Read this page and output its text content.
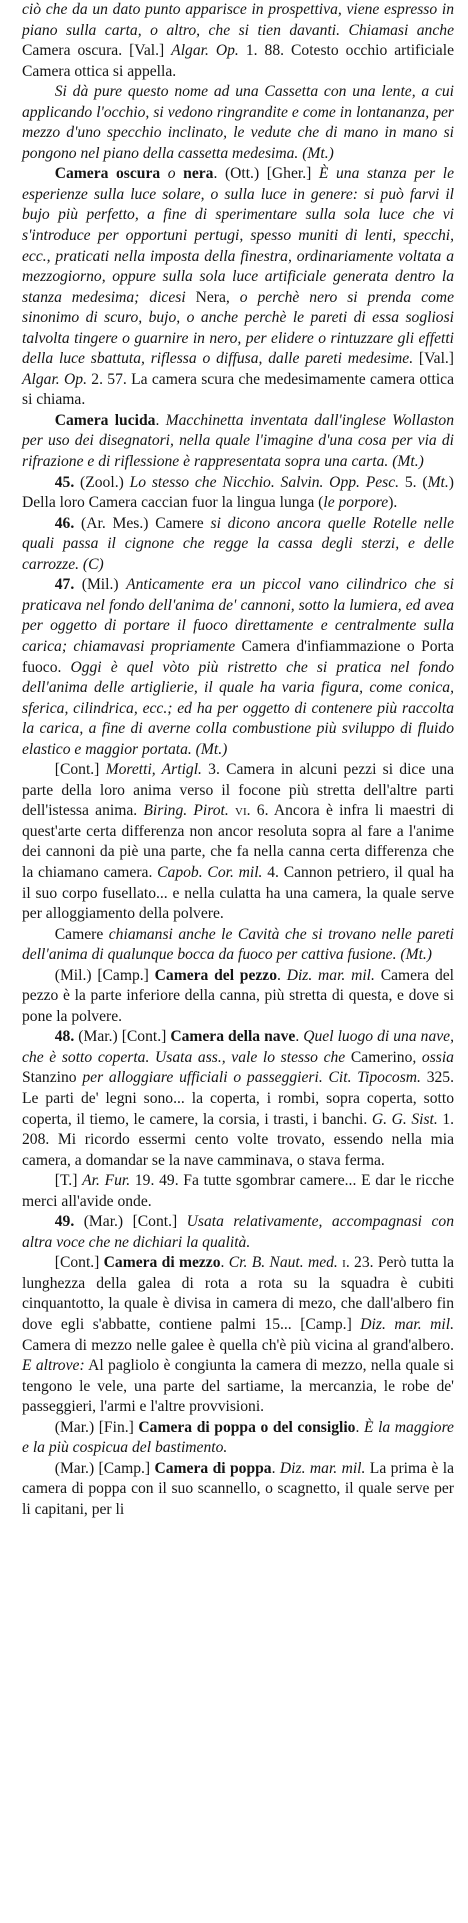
ciò che da un dato punto apparisce in prospettiva, viene espresso in piano sulla carta, o altro, che si tien davanti. Chiamasi anche Camera oscura. [Val.] Algar. Op. 1. 88. Cotesto occhio artificiale Camera ottica si appella.

Si dà pure questo nome ad una Cassetta con una lente, a cui applicando l'occhio, si vedono ringrandite e come in lontananza, per mezzo d'uno specchio inclinato, le vedute che di mano in mano si pongono nel piano della cassetta medesima. (Mt.)

Camera oscura o nera. (Ott.) [Gher.] È una stanza per le esperienze sulla luce solare, o sulla luce in genere: si può farvi il bujo più perfetto, a fine di sperimentare sulla sola luce che vi s'introduce per opportuni pertugi, spesso muniti di lenti, specchi, ecc., praticati nella imposta della finestra, ordinariamente voltata a mezzogiorno, oppure sulla sola luce artificiale generata dentro la stanza medesima; dicesi Nera, o perchè nero si prenda come sinonimo di scuro, bujo, o anche perchè le pareti di essa sogliosi talvolta tingere o guarnire in nero, per elidere o rintuzzare gli effetti della luce sbattuta, riflessa o diffusa, dalle pareti medesime. [Val.] Algar. Op. 2. 57. La camera scura che medesimamente camera ottica si chiama.

Camera lucida. Macchinetta inventata dall'inglese Wollaston per uso dei disegnatori, nella quale l'imagine d'una cosa per via di rifrazione e di riflessione è rappresentata sopra una carta. (Mt.)

45. (Zool.) Lo stesso che Nicchio. Salvin. Opp. Pesc. 5. (Mt.) Della loro Camera caccian fuor la lingua lunga (le porpore).

46. (Ar. Mes.) Camere si dicono ancora quelle Rotelle nelle quali passa il cignone che regge la cassa degli sterzi, e delle carrozze. (C)

47. (Mil.) Anticamente era un piccol vano cilindrico che si praticava nel fondo dell'anima de' cannoni, sotto la lumiera, ed avea per oggetto di portare il fuoco direttamente e centralmente sulla carica; chiamavasi propriamente Camera d'infiammazione o Porta fuoco. Oggi è quel vòto più ristretto che si pratica nel fondo dell'anima delle artiglierie, il quale ha varia figura, come conica, sferica, cilindrica, ecc.; ed ha per oggetto di contenere più raccolta la carica, a fine di averne colla combustione più sviluppo di fluido elastico e maggior portata. (Mt.)

[Cont.] Moretti, Artigl. 3. Camera in alcuni pezzi si dice una parte della loro anima verso il focone più stretta dell'altre parti dell'istessa anima. Biring. Pirot. vi. 6. Ancora è infra li maestri di quest'arte certa differenza non ancor resoluta sopra al fare a l'anime dei cannoni da piè una parte, che fa nella canna certa differenza che la chiamano camera. Capob. Cor. mil. 4. Cannon petriero, il qual ha il suo corpo fusellato... e nella culatta ha una camera, la quale serve per alloggiamento della polvere.

Camere chiamansi anche le Cavità che si trovano nelle pareti dell'anima di qualunque bocca da fuoco per cattiva fusione. (Mt.)

(Mil.) [Camp.] Camera del pezzo. Diz. mar. mil. Camera del pezzo è la parte inferiore della canna, più stretta di questa, e dove si pone la polvere.

48. (Mar.) [Cont.] Camera della nave. Quel luogo di una nave, che è sotto coperta. Usata ass., vale lo stesso che Camerino, ossia Stanzino per alloggiare ufficiali o passeggieri. Cit. Tipocosm. 325. Le parti de' legni sono... la coperta, i rombi, sopra coperta, sotto coperta, il tiemo, le camere, la corsia, i trasti, i banchi. G. G. Sist. 1. 208. Mi ricordo essermi cento volte trovato, essendo nella mia camera, a domandar se la nave camminava, o stava ferma.

[T.] Ar. Fur. 19. 49. Fa tutte sgombrar camere... E dar le ricche merci all'avide onde.

49. (Mar.) [Cont.] Usata relativamente, accompagnasi con altra voce che ne dichiari la qualità.

[Cont.] Camera di mezzo. Cr. B. Naut. med. i. 23. Però tutta la lunghezza della galea di rota a rota su la squadra è cubiti cinquantotto, la quale è divisa in camera di mezo, che dall'albero fin dove egli s'abbatte, contiene palmi 15... [Camp.] Diz. mar. mil. Camera di mezzo nelle galee è quella ch'è più vicina al grand'albero. E altrove: Al pagliolo è congiunta la camera di mezzo, nella quale si tengono le vele, una parte del sartiame, la mercanzia, le robe de' passeggieri, l'armi e l'altre provvisioni.

(Mar.) [Fin.] Camera di poppa o del consiglio. È la maggiore e la più cospicua del bastimento.

(Mar.) [Camp.] Camera di poppa. Diz. mar. mil. La prima è la camera di poppa con il suo scannello, o scagnetto, il quale serve per li capitani, per li
